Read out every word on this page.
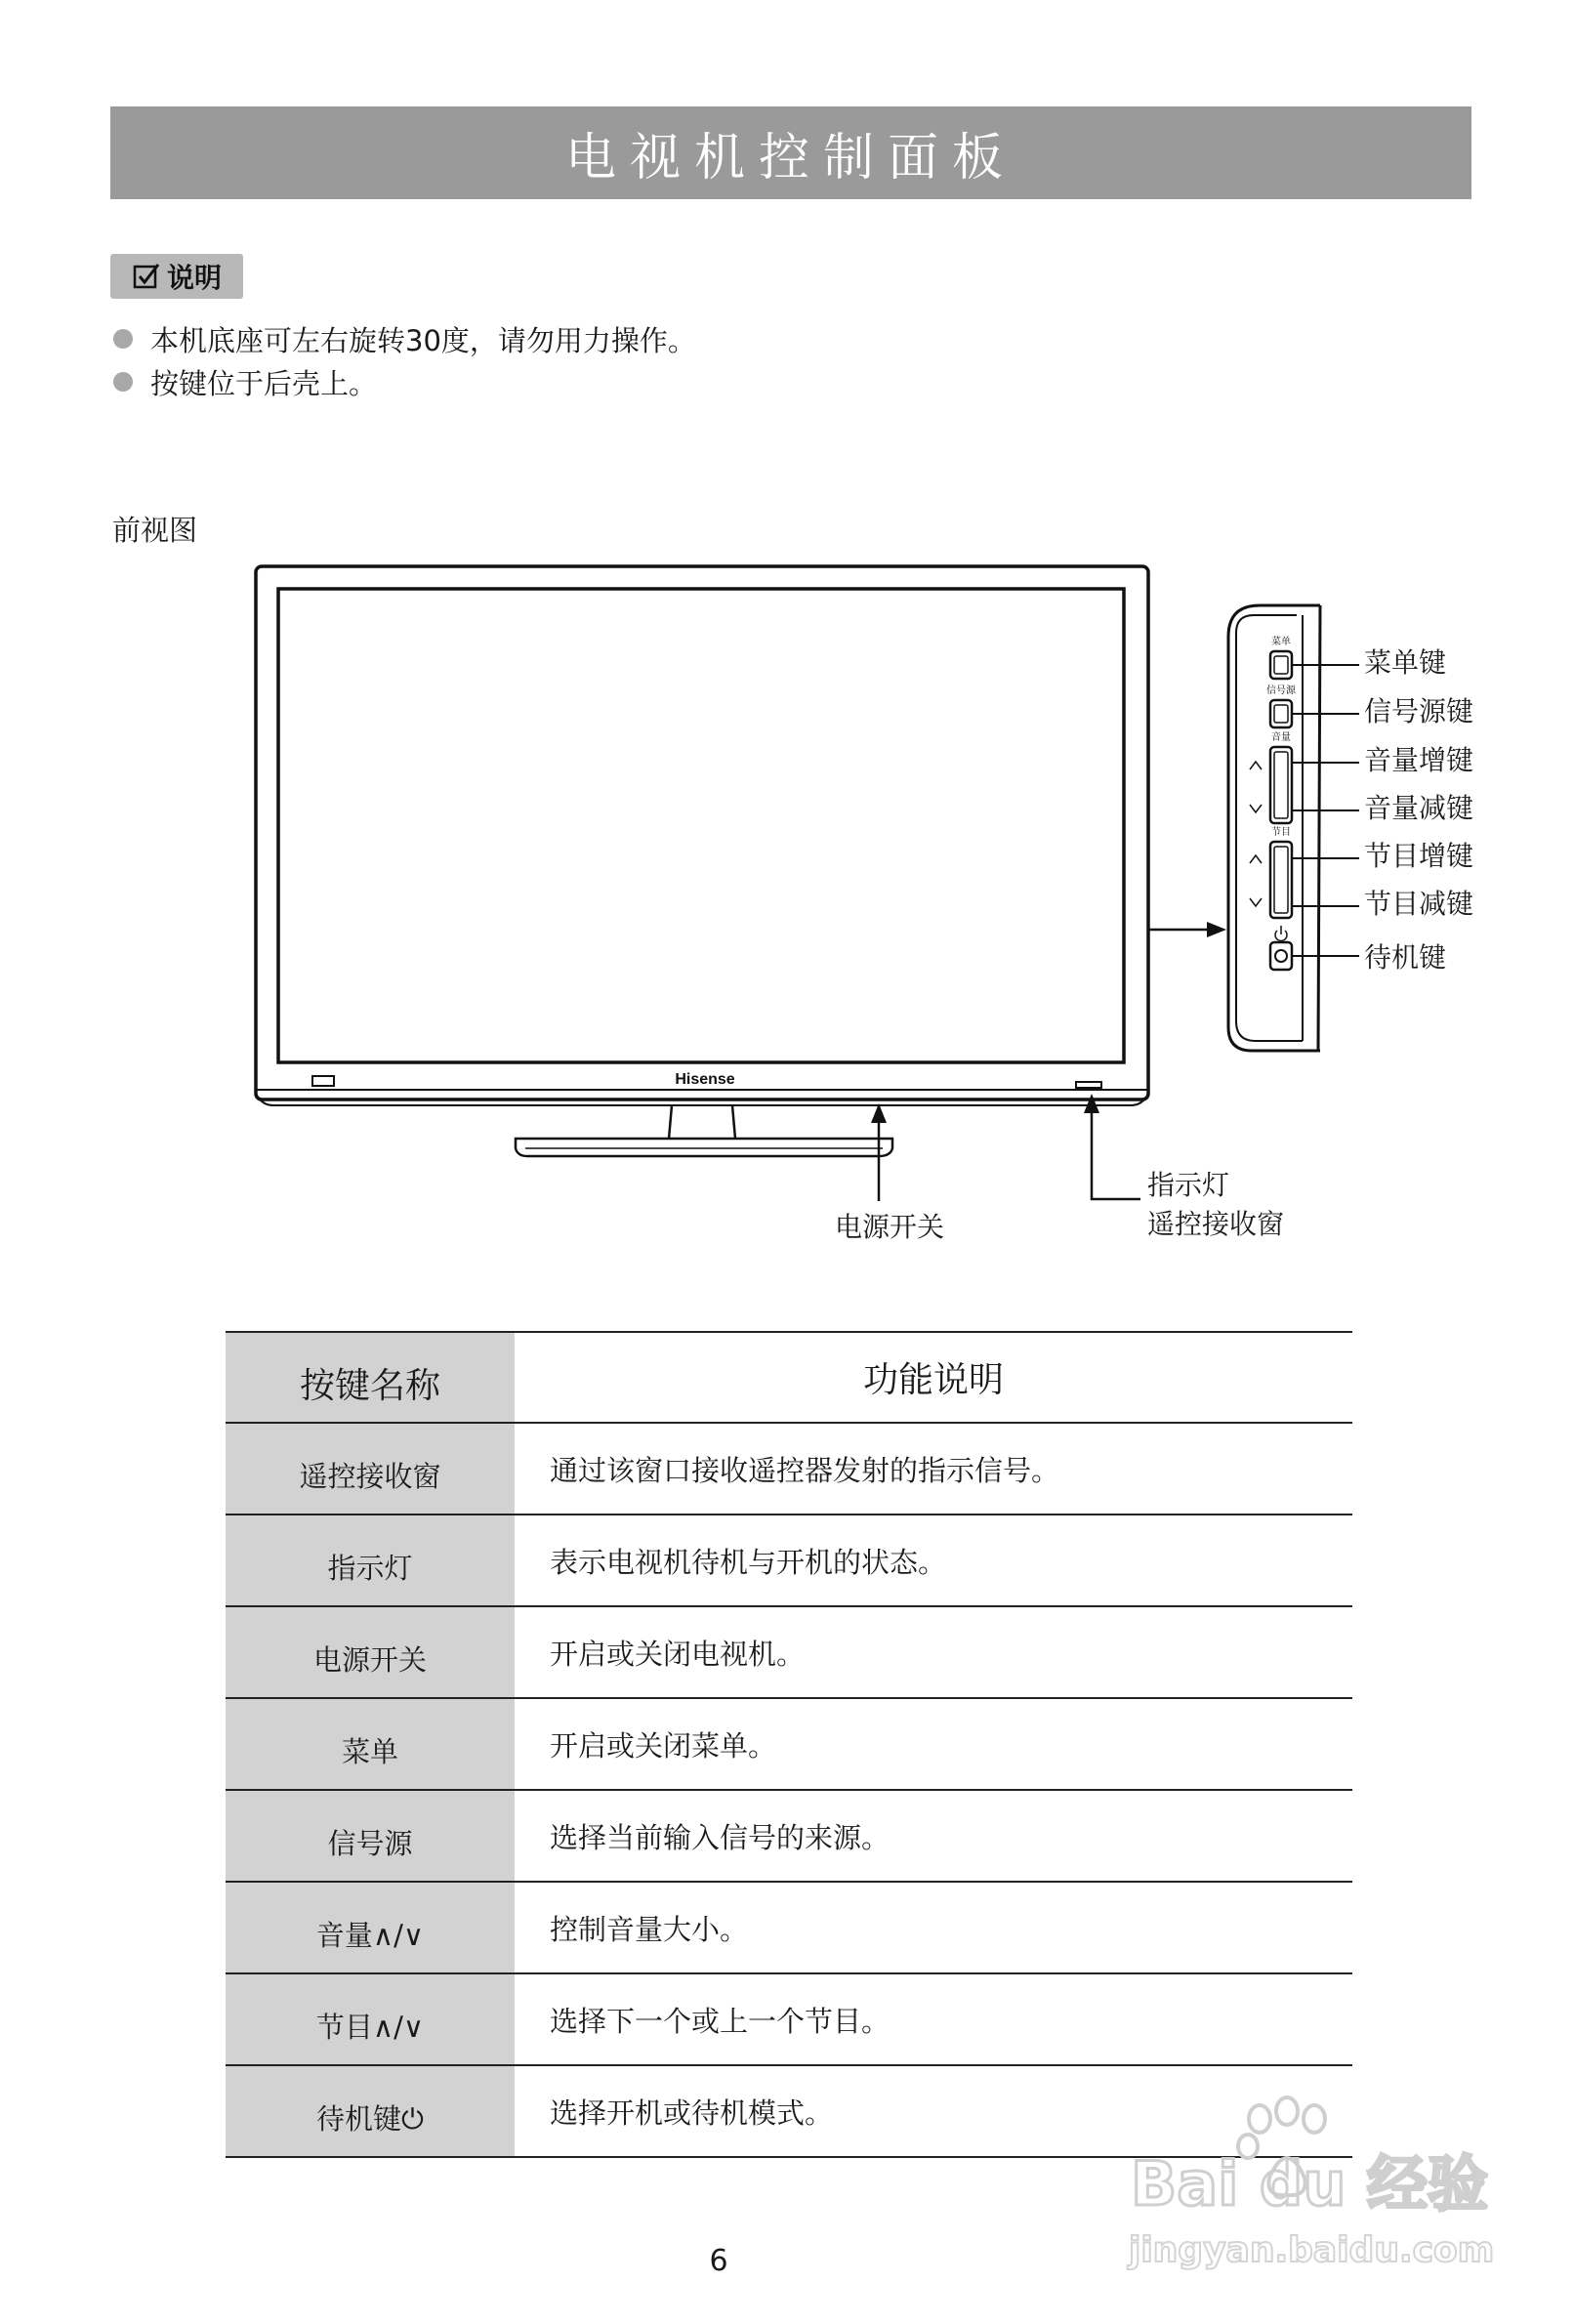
电视机控制面板
说明
本机底座可左右旋转30度，请勿用力操作。
按键位于后壳上。
前视图
Hisense
菜单
信号源
音量
节目
菜单键
信号源键
音量增键
音量减键
节目增键
节目减键
待机键
电源开关
指示灯
遥控接收窗
按键名称	功能说明
遥控接收窗	通过该窗口接收遥控器发射的指示信号。
指示灯	表示电视机待机与开机的状态。
电源开关	开启或关闭电视机。
菜单	开启或关闭菜单。
信号源	选择当前输入信号的来源。
音量∧/∨	控制音量大小。
节目∧/∨	选择下一个或上一个节目。
待机键⏻	选择开机或待机模式。
Bai du 经验
jingyan.baidu.com
6
